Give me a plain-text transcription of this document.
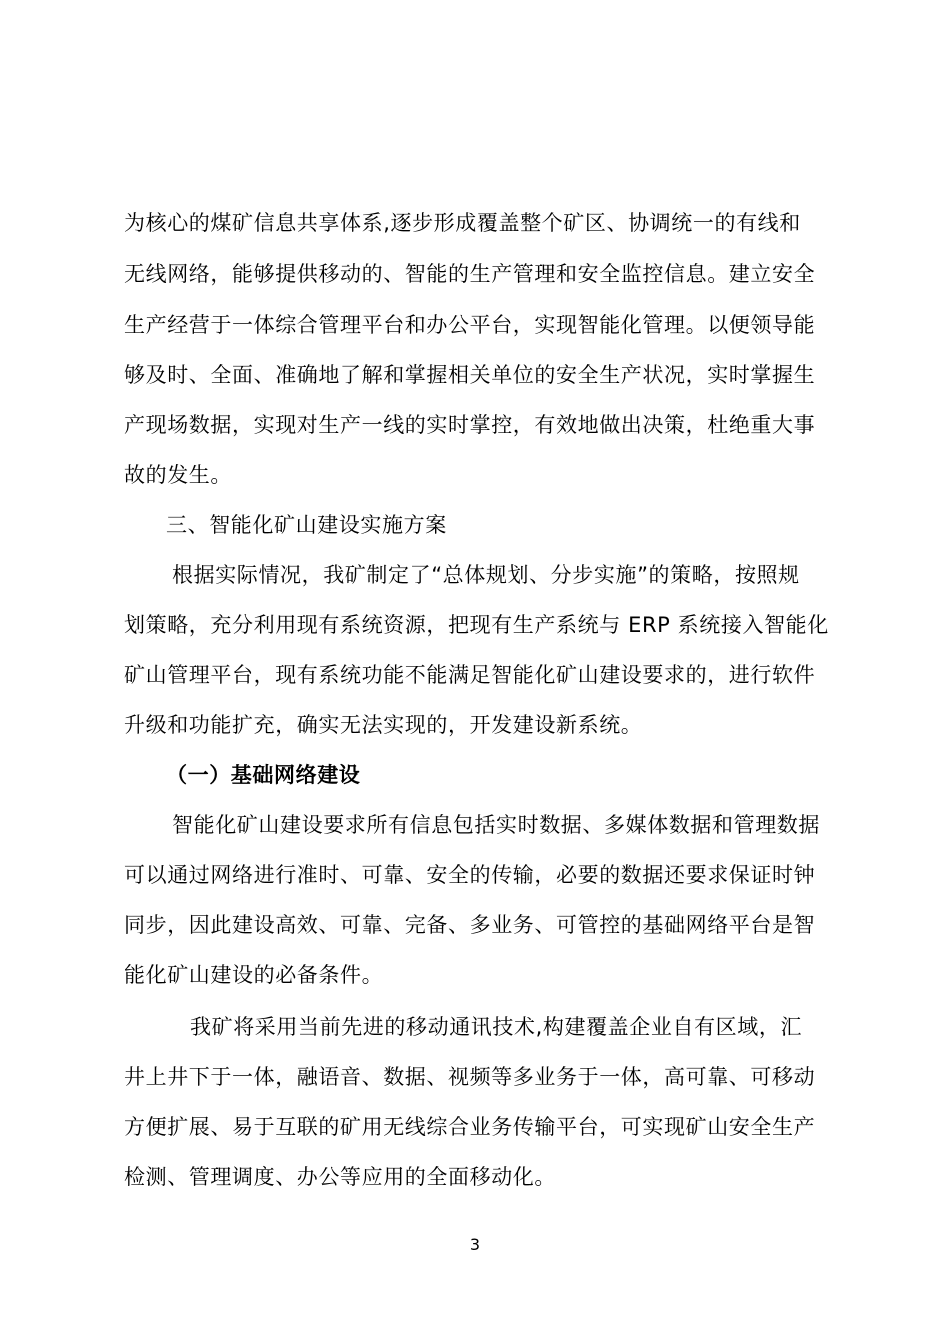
为核心的煤矿信息共享体系,逐步形成覆盖整个矿区、协调统一的有线和
无线网络，能够提供移动的、智能的生产管理和安全监控信息。建立安全
生产经营于一体综合管理平台和办公平台，实现智能化管理。以便领导能
够及时、全面、准确地了解和掌握相关单位的安全生产状况，实时掌握生
产现场数据，实现对生产一线的实时掌控，有效地做出决策，杜绝重大事
故的发生。
三、智能化矿山建设实施方案
根据实际情况，我矿制定了“总体规划、分步实施”的策略，按照规
划策略，充分利用现有系统资源，把现有生产系统与 ERP 系统接入智能化
矿山管理平台，现有系统功能不能满足智能化矿山建设要求的，进行软件
升级和功能扩充，确实无法实现的，开发建设新系统。
（一）基础网络建设
智能化矿山建设要求所有信息包括实时数据、多媒体数据和管理数据
可以通过网络进行准时、可靠、安全的传输，必要的数据还要求保证时钟
同步，因此建设高效、可靠、完备、多业务、可管控的基础网络平台是智
能化矿山建设的必备条件。
我矿将采用当前先进的移动通讯技术,构建覆盖企业自有区域，汇
井上井下于一体，融语音、数据、视频等多业务于一体，高可靠、可移动
方便扩展、易于互联的矿用无线综合业务传输平台，可实现矿山安全生产
检测、管理调度、办公等应用的全面移动化。
3
